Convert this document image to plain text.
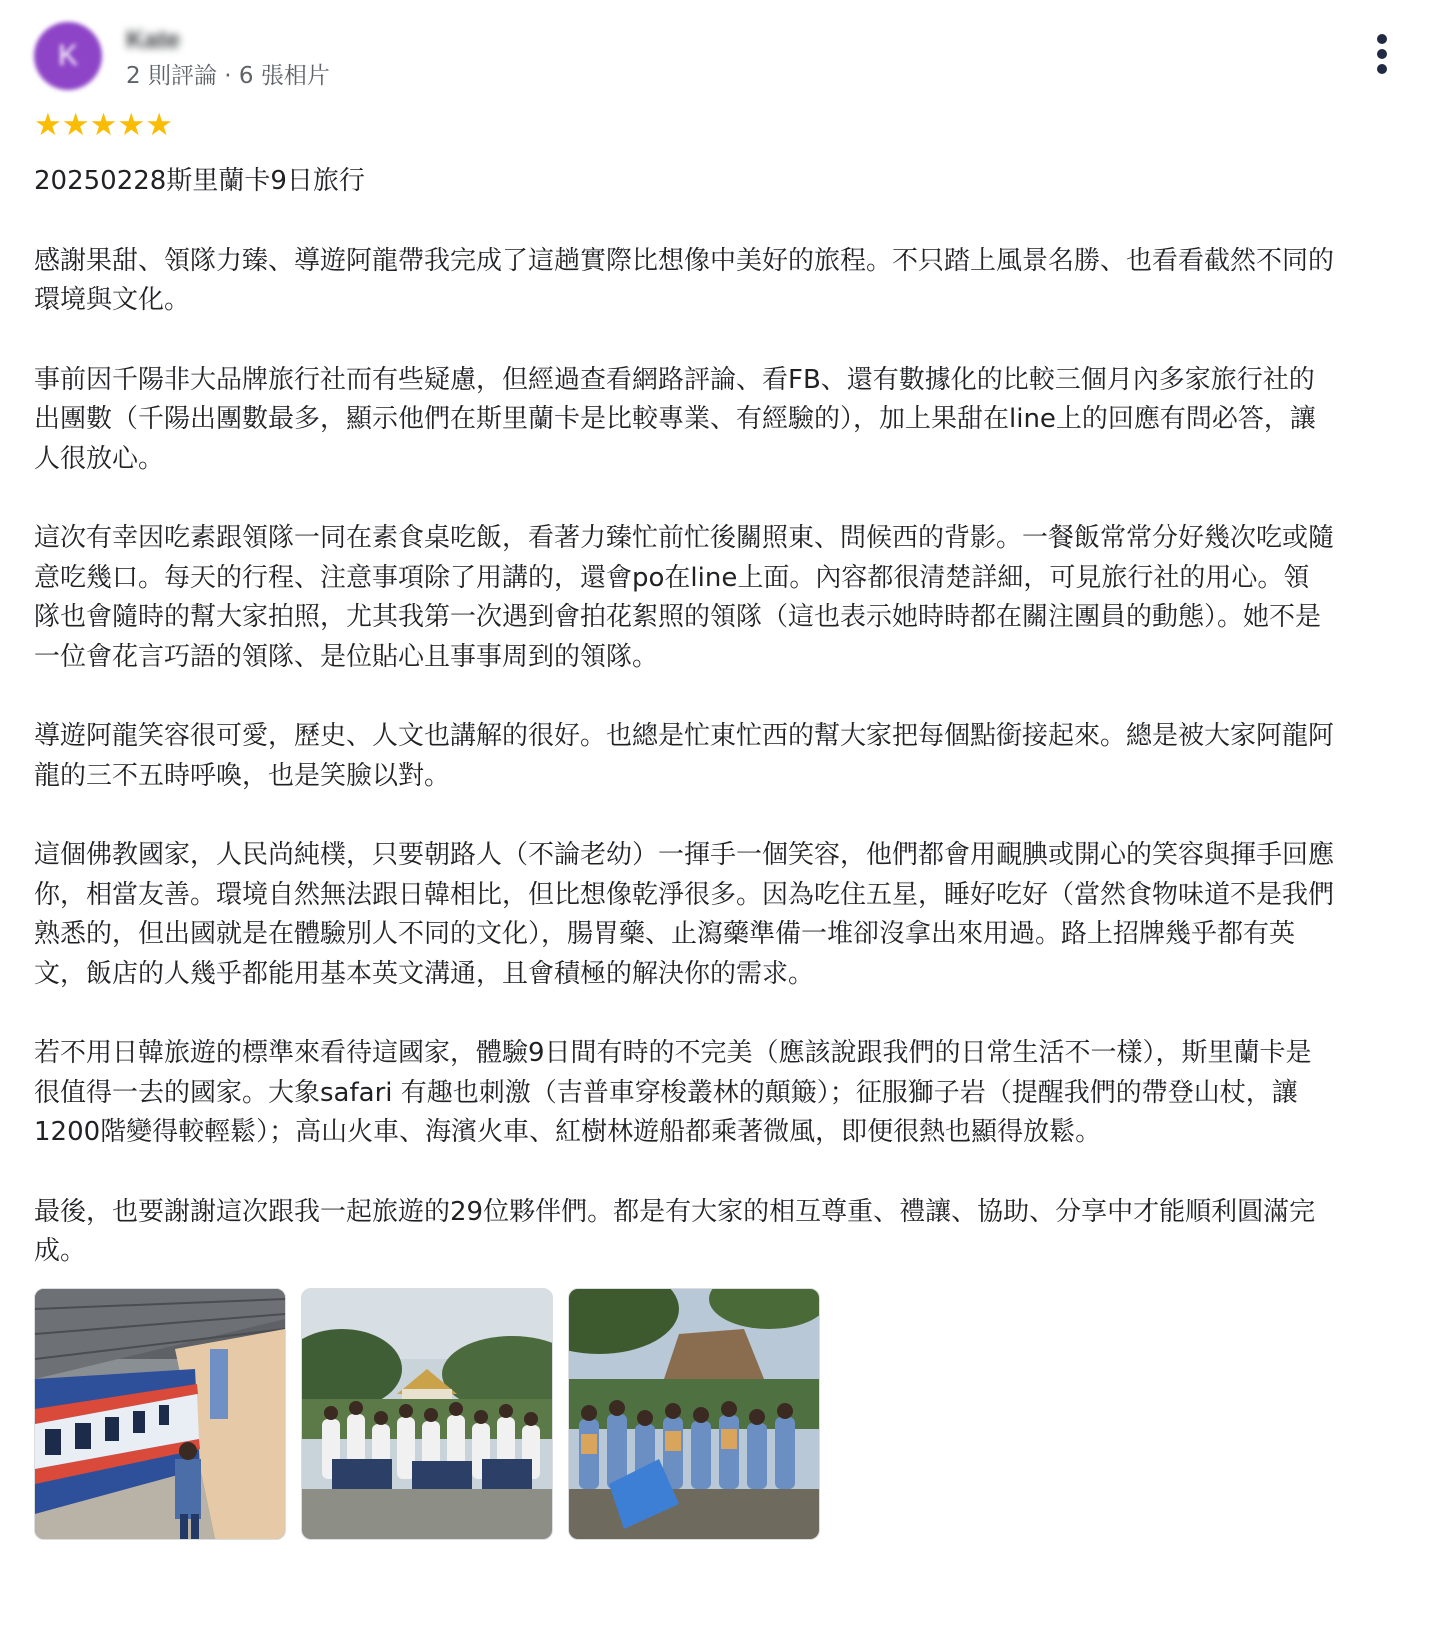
K	Kate
2 則評論 · 6 張相片
★★★★★

20250228斯里蘭卡9日旅行

感謝果甜、領隊力臻、導遊阿龍帶我完成了這趟實際比想像中美好的旅程。不只踏上風景名勝、也看看截然不同的環境與文化。

事前因千陽非大品牌旅行社而有些疑慮，但經過查看網路評論、看FB、還有數據化的比較三個月內多家旅行社的出團數（千陽出團數最多，顯示他們在斯里蘭卡是比較專業、有經驗的），加上果甜在line上的回應有問必答，讓人很放心。

這次有幸因吃素跟領隊一同在素食桌吃飯，看著力臻忙前忙後關照東、問候西的背影。一餐飯常常分好幾次吃或隨意吃幾口。每天的行程、注意事項除了用講的，還會po在line上面。內容都很清楚詳細，可見旅行社的用心。領隊也會隨時的幫大家拍照，尤其我第一次遇到會拍花絮照的領隊（這也表示她時時都在關注團員的動態）。她不是一位會花言巧語的領隊、是位貼心且事事周到的領隊。

導遊阿龍笑容很可愛，歷史、人文也講解的很好。也總是忙東忙西的幫大家把每個點銜接起來。總是被大家阿龍阿龍的三不五時呼喚，也是笑臉以對。

這個佛教國家，人民尚純樸，只要朝路人（不論老幼）一揮手一個笑容，他們都會用靦腆或開心的笑容與揮手回應你，相當友善。環境自然無法跟日韓相比，但比想像乾淨很多。因為吃住五星，睡好吃好（當然食物味道不是我們熟悉的，但出國就是在體驗別人不同的文化），腸胃藥、止瀉藥準備一堆卻沒拿出來用過。路上招牌幾乎都有英文，飯店的人幾乎都能用基本英文溝通，且會積極的解決你的需求。

若不用日韓旅遊的標準來看待這國家，體驗9日間有時的不完美（應該說跟我們的日常生活不一樣），斯里蘭卡是很值得一去的國家。大象safari 有趣也刺激（吉普車穿梭叢林的顛簸）；征服獅子岩（提醒我們的帶登山杖，讓1200階變得較輕鬆）；高山火車、海濱火車、紅樹林遊船都乘著微風，即便很熱也顯得放鬆。

最後，也要謝謝這次跟我一起旅遊的29位夥伴們。都是有大家的相互尊重、禮讓、協助、分享中才能順利圓滿完成。
